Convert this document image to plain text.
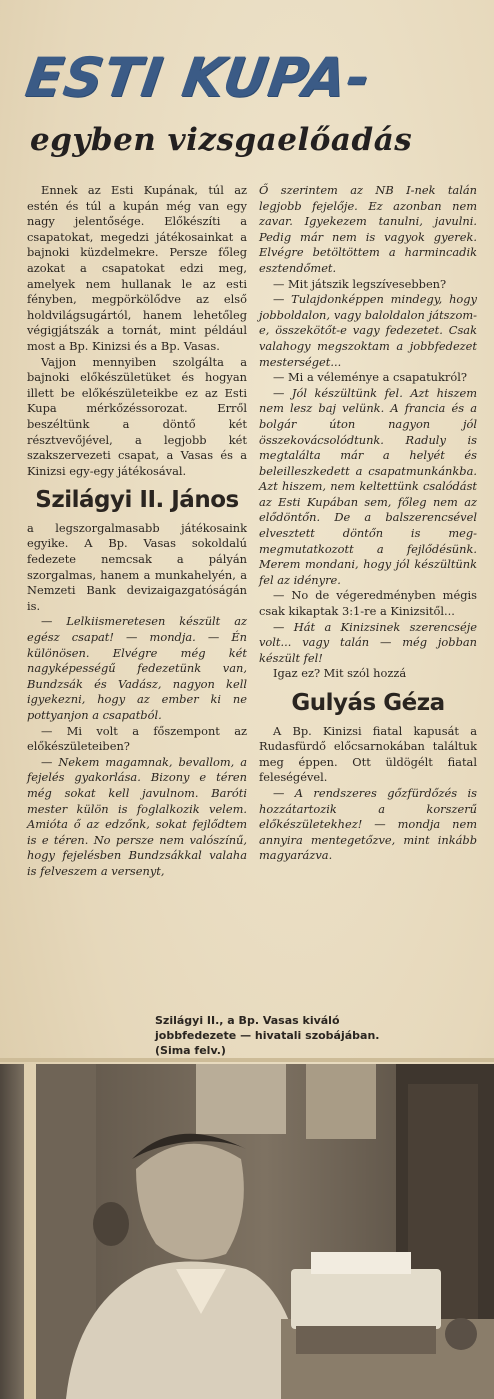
ESTI KUPA-
egyben vizsgaelőadás

Ennek az Esti Kupának, túl az estén és túl a kupán még van egy nagy jelentősége. Előkészíti a csapatokat, megedzi játékosainkat a bajnoki küzdelmekre. Persze főleg azokat a csapatokat edzi meg, amelyek nem hullanak le az esti fényben, megpörkölődve az első holdvilágsugártól, hanem lehetőleg végigjátszák a tornát, mint például most a Bp. Kinizsi és a Bp. Vasas.

Vajjon mennyiben szolgálta a bajnoki előkészületüket és hogyan illett be előkészületeikbe ez az Esti Kupa mérkőzéssorozat. Erről beszéltünk a döntő két résztvevőjével, a legjobb két szakszervezeti csapat, a Vasas és a Kinizsi egy-egy játékosával.

Szilágyi II. János

a legszorgalmasabb játékosaink egyike. A Bp. Vasas sokoldalú fedezete nemcsak a pályán szorgalmas, hanem a munkahelyén, a Nemzeti Bank devizaigazgatóságán is.

— Lelkiismeretesen készült az egész csapat! — mondja. — Én különösen. Elvégre még két nagyképességű fedezetünk van, Bundzsák és Vadász, nagyon kell igyekezni, hogy az ember ki ne pottyanjon a csapatból.

— Mi volt a főszempont az előkészületeiben?

— Nekem magamnak, bevallom, a fejelés gyakorlása. Bizony e téren még sokat kell javulnom. Baróti mester külön is foglalkozik velem. Amióta ő az edzőnk, sokat fejlődtem is e téren. No persze nem valószínű, hogy fejelésben Bundzsákkal valaha is felveszem a versenyt,

Ő szerintem az NB I-nek talán legjobb fejelője. Ez azonban nem zavar. Igyekezem tanulni, javulni. Pedig már nem is vagyok gyerek. Elvégre betöltöttem a harmincadik esztendőmet.

— Mit játszik legszívesebben?

— Tulajdonképpen mindegy, hogy jobboldalon, vagy baloldalon játszom-e, összekötőt-e vagy fedezetet. Csak valahogy megszoktam a jobbfedezet mesterséget...

— Mi a véleménye a csapatukról?

— Jól készültünk fel. Azt hiszem nem lesz baj velünk. A francia és a bolgár úton nagyon jól összekovácsolódtunk. Raduly is megtalálta már a helyét és beleilleszkedett a csapatmunkánkba. Azt hiszem, nem keltettünk csalódást az Esti Kupában sem, főleg nem az elődöntőn. De a balszerencsével elvesztett döntőn is meg-megmutatkozott a fejlődésünk. Merem mondani, hogy jól készültünk fel az idényre.

— No de végeredményben mégis csak kikaptak 3:1-re a Kinizsitől...

— Hát a Kinizsinek szerencséje volt... vagy talán — még jobban készült fel!

Igaz ez? Mit szól hozzá

Gulyás Géza

A Bp. Kinizsi fiatal kapusát a Rudasfürdő előcsarnokában találtuk meg éppen. Ott üldögélt fiatal feleségével.

— A rendszeres gőzfürdőzés is hozzátartozik a korszerű előkészületekhez! — mondja nem annyira mentegetőzve, mint inkább magyarázva.

Szilágyi II., a Bp. Vasas kiváló jobbfedezete — hivatali szobájában. (Sima felv.)
